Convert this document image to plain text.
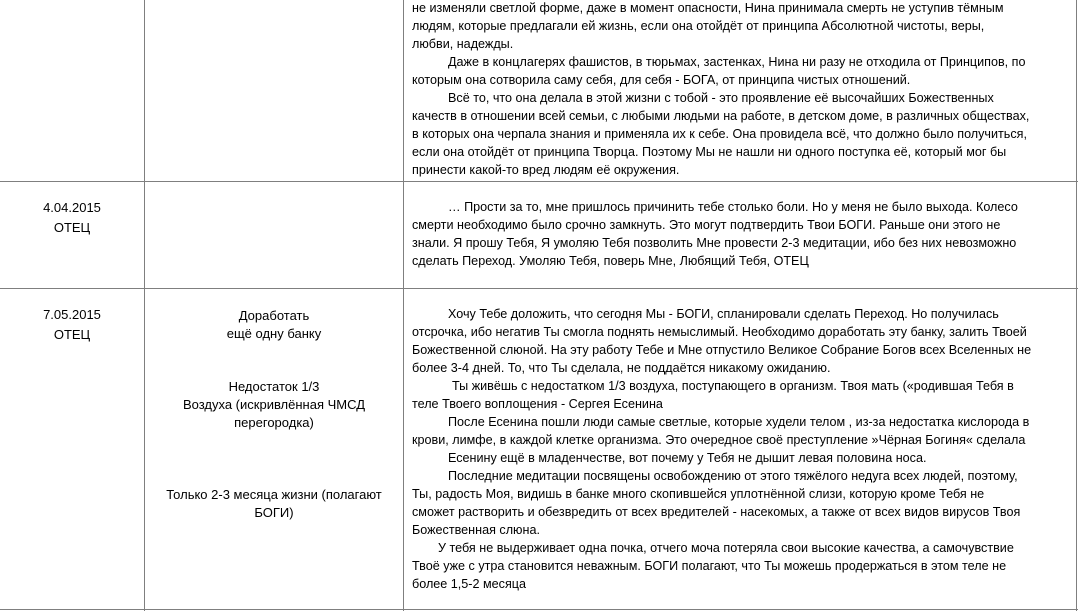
не изменяли светлой форме, даже в момент опасности, Нина принимала смерть не уступив тёмным
людям, которые предлагали ей жизнь, если она отойдёт от принципа Абсолютной чистоты, веры,
любви, надежды.
Даже в концлагерях фашистов, в тюрьмах, застенках, Нина ни разу не отходила от Принципов, по
которым она сотворила саму себя, для себя - БОГА, от принципа чистых отношений.
Всё то, что она делала в этой жизни с тобой - это проявление её высочайших Божественных
качеств в отношении всей семьи, с любыми людьми на работе, в детском доме, в различных обществах,
в которых она черпала знания и применяла их к себе. Она провидела всё, что должно было получиться,
если она отойдёт от принципа Творца. Поэтому Мы не нашли ни одного поступка её, который мог бы
принести какой-то вред людям её окружения.
4.04.2015
ОТЕЦ
… Прости за то, мне пришлось причинить тебе столько боли. Но у меня не было выхода. Колесо
смерти необходимо было срочно замкнуть. Это могут подтвердить Твои БОГИ. Раньше они этого не
знали. Я прошу Тебя, Я умоляю Тебя позволить Мне провести 2-3 медитации, ибо без них невозможно
сделать Переход. Умоляю Тебя, поверь Мне, Любящий Тебя, ОТЕЦ
7.05.2015
ОТЕЦ
Доработать
ещё одну банку
Недостаток 1/3
Воздуха (искривлённая ЧМСД
перегородка)
Только 2-3 месяца жизни (полагают
БОГИ)
Хочу Тебе доложить, что сегодня Мы - БОГИ, спланировали сделать Переход. Но получилась
отсрочка, ибо негатив Ты смогла поднять немыслимый. Необходимо доработать эту банку, залить Твоей
Божественной слюной. На эту работу Тебе и Мне отпустило Великое Собрание Богов всех Вселенных не
более 3-4 дней. То, что Ты сделала, не поддаётся никакому ожиданию.
Ты живёшь с недостатком 1/3 воздуха, поступающего в организм. Твоя мать («родившая Тебя в
теле Твоего воплощения - Сергея Есенина
После Есенина пошли люди самые светлые, которые худели телом , из-за недостатка кислорода в
крови, лимфе, в каждой клетке организма. Это очередное своё преступление »Чёрная Богиня« сделала
Есенину ещё в младенчестве, вот почему у Тебя не дышит левая половина носа.
Последние медитации посвящены освобождению от этого тяжёлого недуга всех людей, поэтому,
Ты, радость Моя, видишь в банке много скопившейся уплотнённой слизи, которую кроме Тебя не
сможет растворить и обезвредить от всех вредителей - насекомых, а также от всех видов вирусов Твоя
Божественная слюна.
У тебя не выдерживает одна почка, отчего моча потеряла свои высокие качества, а самочувствие
Твоё уже с утра становится неважным. БОГИ полагают, что Ты можешь продержаться в этом теле не
более 1,5-2 месяца
